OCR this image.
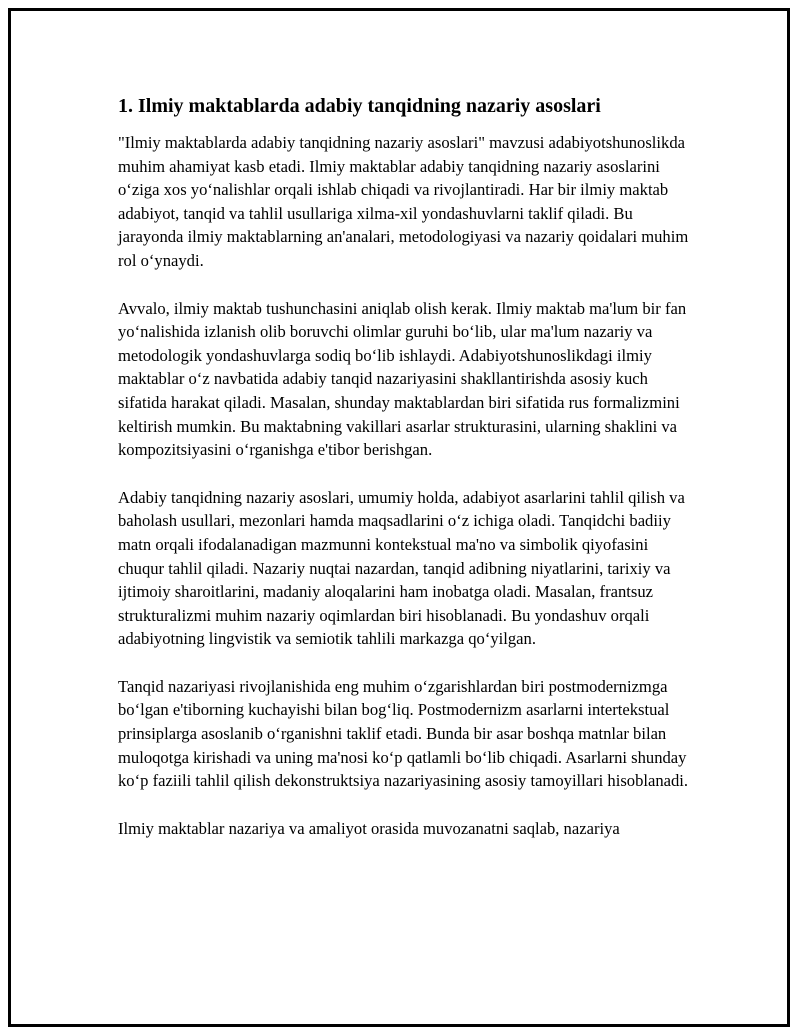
1. Ilmiy maktablarda adabiy tanqidning nazariy asoslari

"Ilmiy maktablarda adabiy tanqidning nazariy asoslari" mavzusi adabiyotshunoslikda muhim ahamiyat kasb etadi. Ilmiy maktablar adabiy tanqidning nazariy asoslarini oʻziga xos yoʻnalishlar orqali ishlab chiqadi va rivojlantiradi. Har bir ilmiy maktab adabiyot, tanqid va tahlil usullariga xilma-xil yondashuvlarni taklif qiladi. Bu jarayonda ilmiy maktablarning an'analari, metodologiyasi va nazariy qoidalari muhim rol oʻynaydi.

Avvalo, ilmiy maktab tushunchasini aniqlab olish kerak. Ilmiy maktab ma'lum bir fan yoʻnalishida izlanish olib boruvchi olimlar guruhi boʻlib, ular ma'lum nazariy va metodologik yondashuvlarga sodiq boʻlib ishlaydi. Adabiyotshunoslikdagi ilmiy maktablar oʻz navbatida adabiy tanqid nazariyasini shakllantirishda asosiy kuch sifatida harakat qiladi. Masalan, shunday maktablardan biri sifatida rus formalizmini keltirish mumkin. Bu maktabning vakillari asarlar strukturasini, ularning shaklini va kompozitsiyasini oʻrganishga e'tibor berishgan.

Adabiy tanqidning nazariy asoslari, umumiy holda, adabiyot asarlarini tahlil qilish va baholash usullari, mezonlari hamda maqsadlarini oʻz ichiga oladi. Tanqidchi badiiy matn orqali ifodalanadigan mazmunni kontekstual ma'no va simbolik qiyofasini chuqur tahlil qiladi. Nazariy nuqtai nazardan, tanqid adibning niyatlarini, tarixiy va ijtimoiy sharoitlarini, madaniy aloqalarini ham inobatga oladi. Masalan, frantsuz strukturalizmi muhim nazariy oqimlardan biri hisoblanadi. Bu yondashuv orqali adabiyotning lingvistik va semiotik tahlili markazga qoʻyilgan.

Tanqid nazariyasi rivojlanishida eng muhim oʻzgarishlardan biri postmodernizmga boʻlgan e'tiborning kuchayishi bilan bogʻliq. Postmodernizm asarlarni intertekstual prinsiplarga asoslanib oʻrganishni taklif etadi. Bunda bir asar boshqa matnlar bilan muloqotga kirishadi va uning ma'nosi koʻp qatlamli boʻlib chiqadi. Asarlarni shunday koʻp faziili tahlil qilish dekonstruktsiya nazariyasining asosiy tamoyillari hisoblanadi.

Ilmiy maktablar nazariya va amaliyot orasida muvozanatni saqlab, nazariya
